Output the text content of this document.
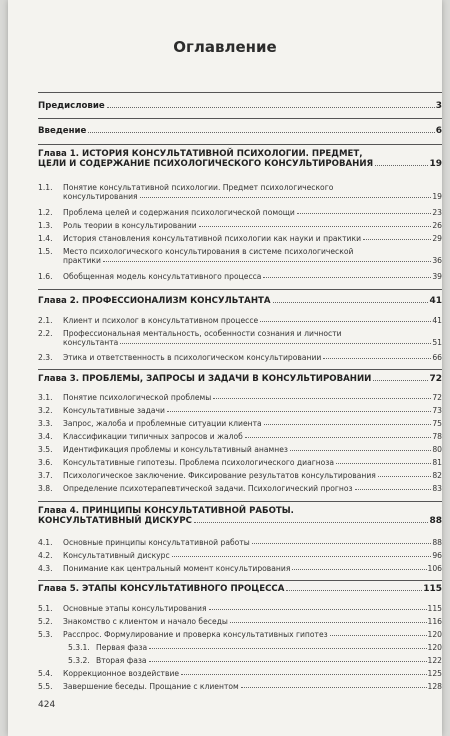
Оглавление
Предисловие	3
Введение	6
Глава 1. ИСТОРИЯ КОНСУЛЬТАТИВНОЙ ПСИХОЛОГИИ. ПРЕДМЕТ,
ЦЕЛИ И СОДЕРЖАНИЕ ПСИХОЛОГИЧЕСКОГО КОНСУЛЬТИРОВАНИЯ	19
1.1.	Понятие консультативной психологии. Предмет психологического
консультирования	19
1.2.	Проблема целей и содержания психологической помощи	23
1.3.	Роль теории в консультировании	26
1.4.	История становления консультативной психологии как науки и практики	29
1.5.	Место психологического консультирования в системе психологической
практики	36
1.6.	Обобщенная модель консультативного процесса	39
Глава 2. ПРОФЕССИОНАЛИЗМ КОНСУЛЬТАНТА	41
2.1.	Клиент и психолог в консультативном процессе	41
2.2.	Профессиональная ментальность, особенности сознания и личности
консультанта	51
2.3.	Этика и ответственность в психологическом консультировании	66
Глава 3. ПРОБЛЕМЫ, ЗАПРОСЫ И ЗАДАЧИ В КОНСУЛЬТИРОВАНИИ	72
3.1.	Понятие психологической проблемы	72
3.2.	Консультативные задачи	73
3.3.	Запрос, жалоба и проблемные ситуации клиента	75
3.4.	Классификации типичных запросов и жалоб	78
3.5.	Идентификация проблемы и консультативный анамнез	80
3.6.	Консультативные гипотезы. Проблема психологического диагноза	81
3.7.	Психологическое заключение. Фиксирование результатов консультирования	82
3.8.	Определение психотерапевтической задачи. Психологический прогноз	83
Глава 4. ПРИНЦИПЫ КОНСУЛЬТАТИВНОЙ РАБОТЫ.
КОНСУЛЬТАТИВНЫЙ ДИСКУРС	88
4.1.	Основные принципы консультативной работы	88
4.2.	Консультативный дискурс	96
4.3.	Понимание как центральный момент консультирования	106
Глава 5. ЭТАПЫ КОНСУЛЬТАТИВНОГО ПРОЦЕССА	115
5.1.	Основные этапы консультирования	115
5.2.	Знакомство с клиентом и начало беседы	116
5.3.	Расспрос. Формулирование и проверка консультативных гипотез	120
5.3.1. Первая фаза	120
5.3.2. Вторая фаза	122
5.4.	Коррекционное воздействие	125
5.5.	Завершение беседы. Прощание с клиентом	128
424
